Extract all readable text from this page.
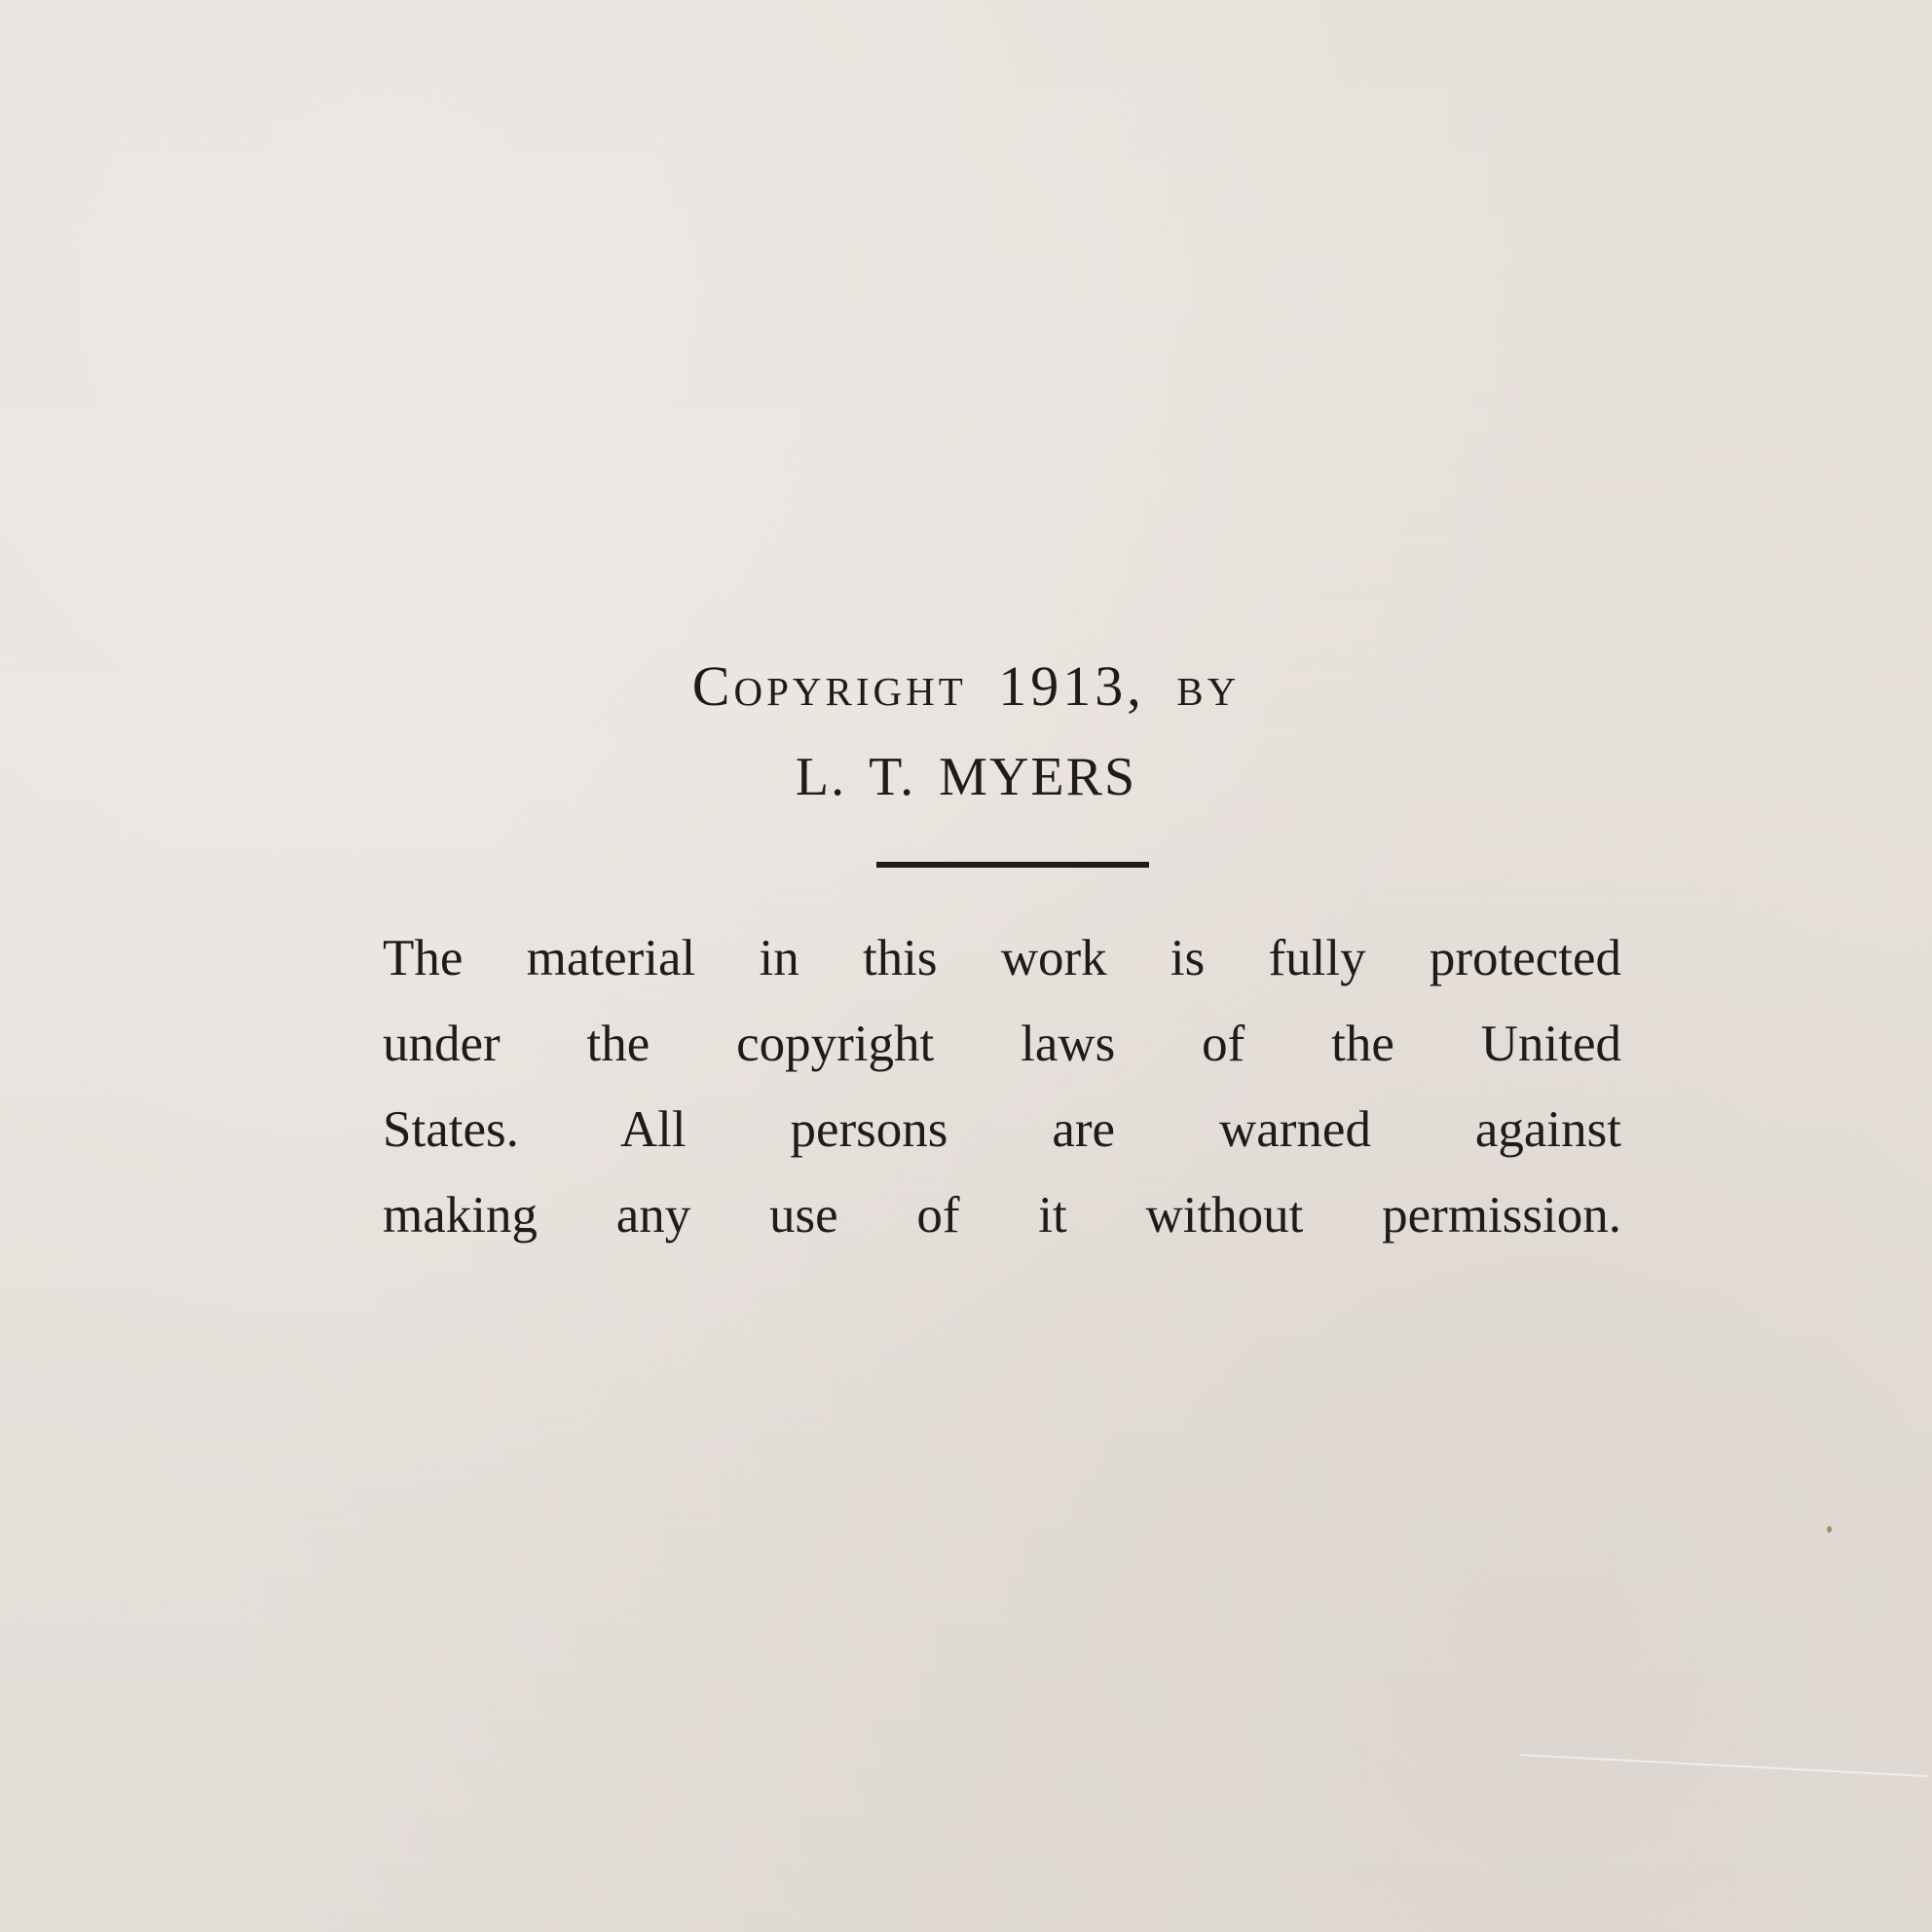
Copyright 1913, by
L. T. MYERS
The material in this work is fully protected
under the copyright laws of the United
States. All persons are warned against
making any use of it without permission.
